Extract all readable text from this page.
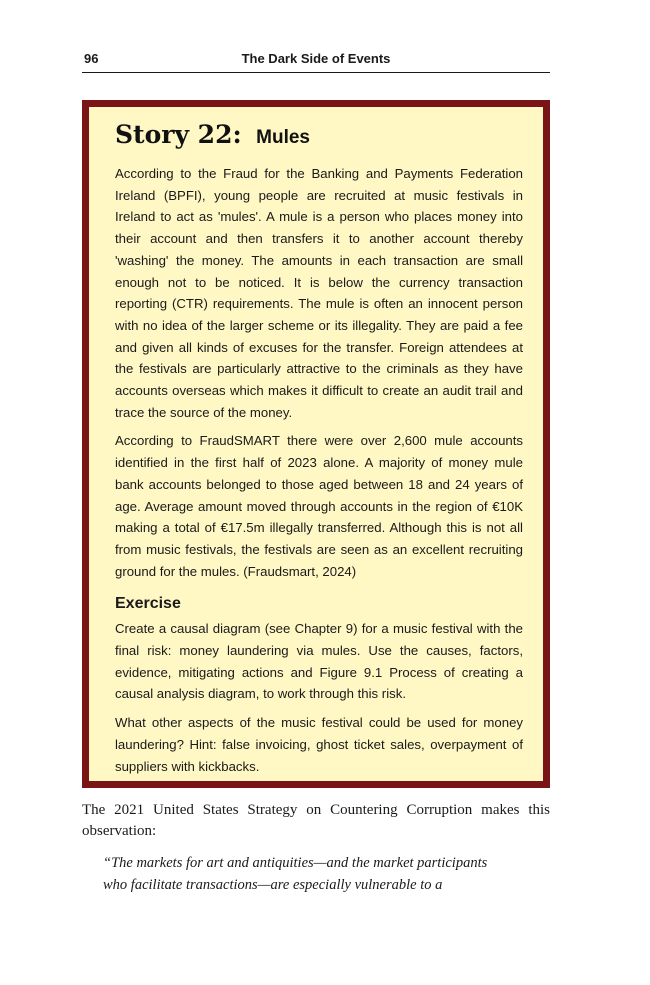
96	The Dark Side of Events
Story 22: Mules

According to the Fraud for the Banking and Payments Federation Ireland (BPFI), young people are recruited at music festivals in Ireland to act as 'mules'. A mule is a person who places money into their account and then transfers it to another account thereby 'washing' the money. The amounts in each transaction are small enough not to be noticed. It is below the currency transaction reporting (CTR) requirements. The mule is often an innocent person with no idea of the larger scheme or its illegality. They are paid a fee and given all kinds of excuses for the transfer. Foreign attendees at the festivals are particularly attractive to the criminals as they have accounts overseas which makes it difficult to create an audit trail and trace the source of the money.

According to FraudSMART there were over 2,600 mule accounts identified in the first half of 2023 alone. A majority of money mule bank accounts belonged to those aged between 18 and 24 years of age. Average amount moved through accounts in the region of €10K making a total of €17.5m illegally transferred. Although this is not all from music festivals, the festivals are seen as an excellent recruiting ground for the mules. (Fraudsmart, 2024)

Exercise

Create a causal diagram (see Chapter 9) for a music festival with the final risk: money laundering via mules. Use the causes, factors, evidence, mitigating actions and Figure 9.1 Process of creating a causal analysis diagram, to work through this risk.

What other aspects of the music festival could be used for money laundering? Hint: false invoicing, ghost ticket sales, overpayment of suppliers with kickbacks.

The 2021 United States Strategy on Countering Corruption makes this observation:

“The markets for art and antiquities—and the market participants who facilitate transactions—are especially vulnerable to a
